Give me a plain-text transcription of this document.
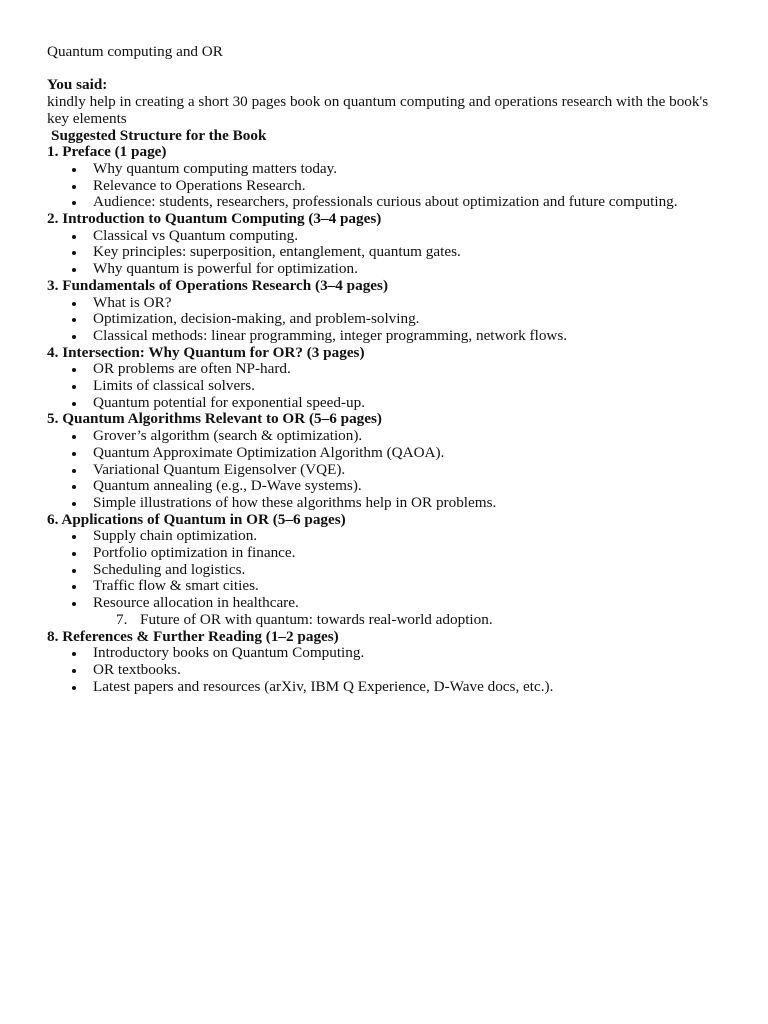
Quantum computing and OR

You said:

kindly help in creating a short 30 pages book on quantum computing and operations research with the book's key elements

Suggested Structure for the Book

1. Preface (1 page)

Why quantum computing matters today.
Relevance to Operations Research.
Audience: students, researchers, professionals curious about optimization and future computing.

2. Introduction to Quantum Computing (3–4 pages)

Classical vs Quantum computing.
Key principles: superposition, entanglement, quantum gates.
Why quantum is powerful for optimization.

3. Fundamentals of Operations Research (3–4 pages)

What is OR?
Optimization, decision-making, and problem-solving.
Classical methods: linear programming, integer programming, network flows.

4. Intersection: Why Quantum for OR? (3 pages)

OR problems are often NP-hard.
Limits of classical solvers.
Quantum potential for exponential speed-up.

5. Quantum Algorithms Relevant to OR (5–6 pages)

Grover’s algorithm (search & optimization).
Quantum Approximate Optimization Algorithm (QAOA).
Variational Quantum Eigensolver (VQE).
Quantum annealing (e.g., D-Wave systems).
Simple illustrations of how these algorithms help in OR problems.

6. Applications of Quantum in OR (5–6 pages)

Supply chain optimization.
Portfolio optimization in finance.
Scheduling and logistics.
Traffic flow & smart cities.
Resource allocation in healthcare.

7. Future of OR with quantum: towards real-world adoption.

8. References & Further Reading (1–2 pages)

Introductory books on Quantum Computing.
OR textbooks.
Latest papers and resources (arXiv, IBM Q Experience, D-Wave docs, etc.).
